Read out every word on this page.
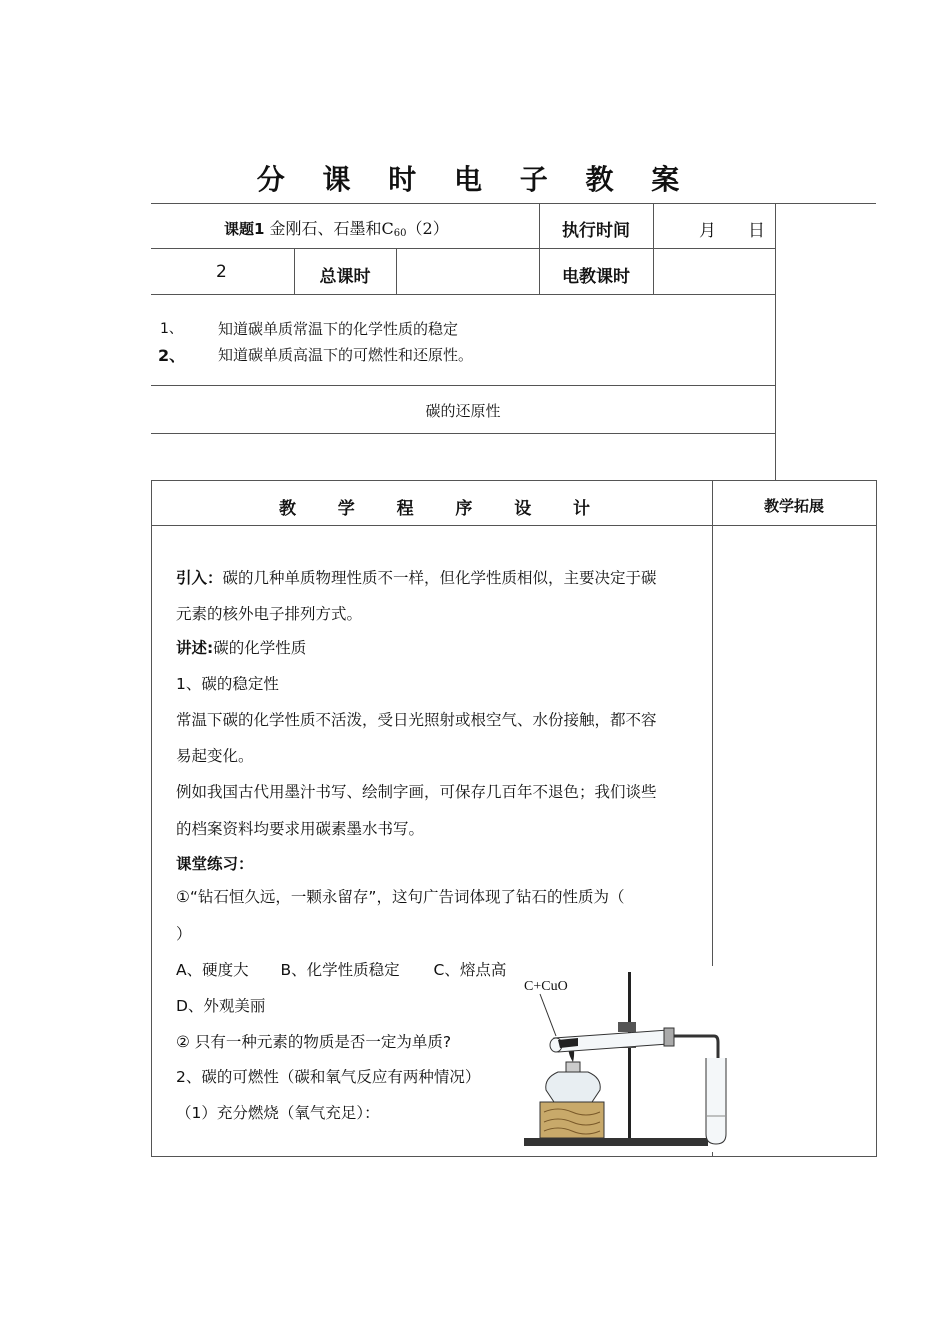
分 课 时 电 子 教 案
课题1 金刚石、石墨和$C_{60}(2)$	执行时间	月 日
2	总课时	电教课时
1、 知道碳单质常温下的化学性质的稳定
2、 知道碳单质高温下的可燃性和还原性。
碳的还原性
教 学 程 序 设 计	教学拓展
引入：碳的几种单质物理性质不一样，但化学性质相似，主要决定于碳
元素的核外电子排列方式。
讲述:碳的化学性质
1、碳的稳定性
常温下碳的化学性质不活泼，受日光照射或根空气、水份接触，都不容
易起变化。
例如我国古代用墨汁书写、绘制字画，可保存几百年不退色；我们谈些
的档案资料均要求用碳素墨水书写。
课堂练习：
①“钻石恒久远，一颗永留存”，这句广告词体现了钻石的性质为（
）
A、硬度大 B、化学性质稳定 C、熔点高
D、外观美丽
② 只有一种元素的物质是否一定为单质?
2、碳的可燃性（碳和氧气反应有两种情况）
（1）充分燃烧（氧气充足）：
C+CuO
